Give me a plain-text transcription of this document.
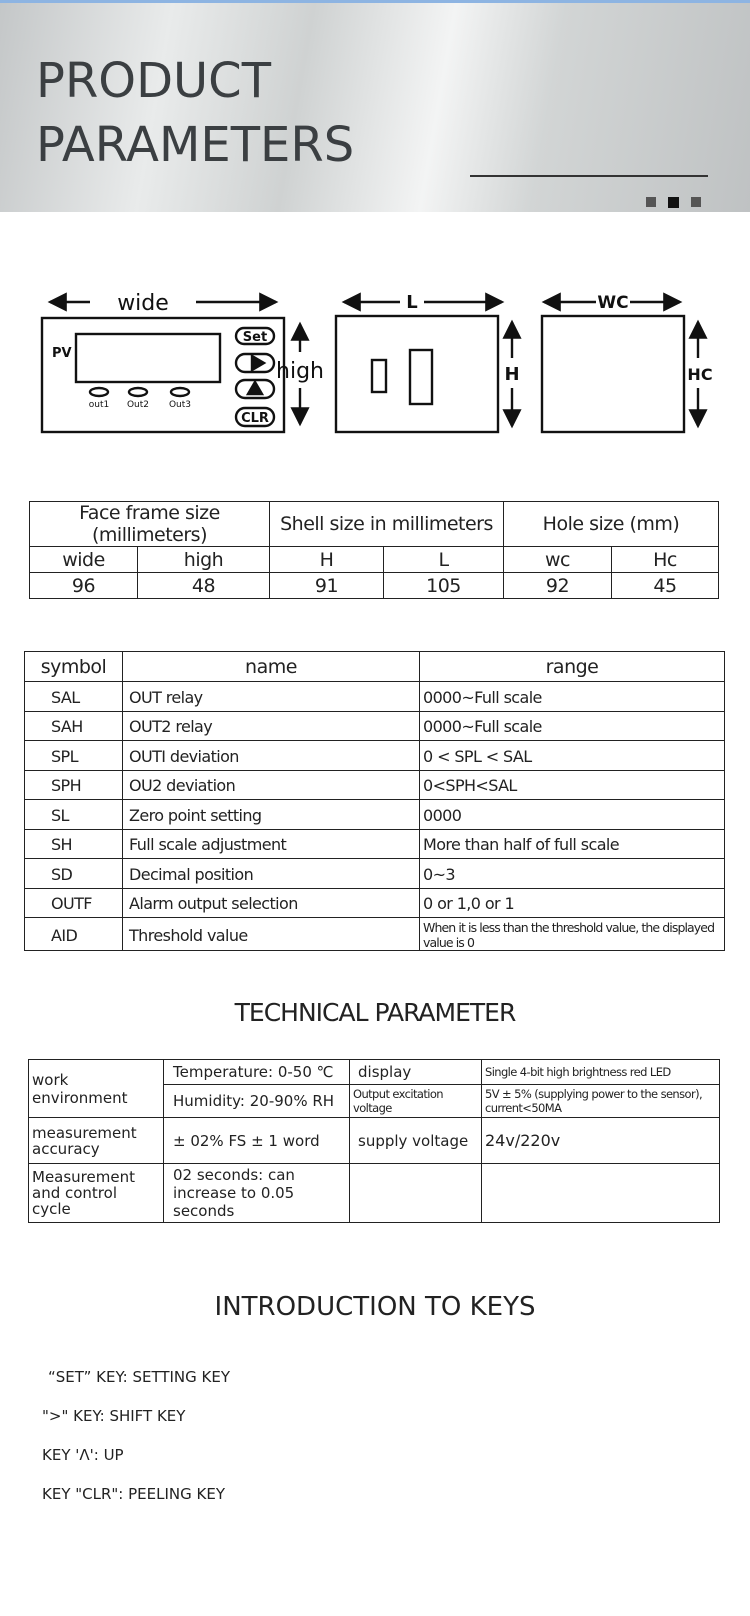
PRODUCT
PARAMETERS
wide
high
PV
out1 Out2 Out3
Set
CLR
L
H
WC
HC
Face frame size (millimeters)		Shell size in millimeters		Hole size (mm)	
wide	high	H	L	wc	Hc
96	48	91	105	92	45
symbol	name	range
SAL	OUT relay	0000~Full scale
SAH	OUT2 relay	0000~Full scale
SPL	OUTI deviation	0 < SPL < SAL
SPH	OU2 deviation	0<SPH<SAL
SL	Zero point setting	0000
SH	Full scale adjustment	More than half of full scale
SD	Decimal position	0~3
OUTF	Alarm output selection	0 or 1,0 or 1
AID	Threshold value	When it is less than the threshold value, the displayed value is 0
TECHNICAL PARAMETER
work environment	Temperature: 0-50 ℃	display	Single 4-bit high brightness red LED
	Humidity: 20-90% RH	Output excitation voltage	5V ± 5% (supplying power to the sensor), current<50MA
measurement accuracy	± 02% FS ± 1 word	supply voltage	24v/220v
Measurement and control cycle	02 seconds: can increase to 0.05 seconds		
INTRODUCTION TO KEYS
“SET” KEY: SETTING KEY
">" KEY: SHIFT KEY
KEY 'Λ': UP
KEY "CLR": PEELING KEY
